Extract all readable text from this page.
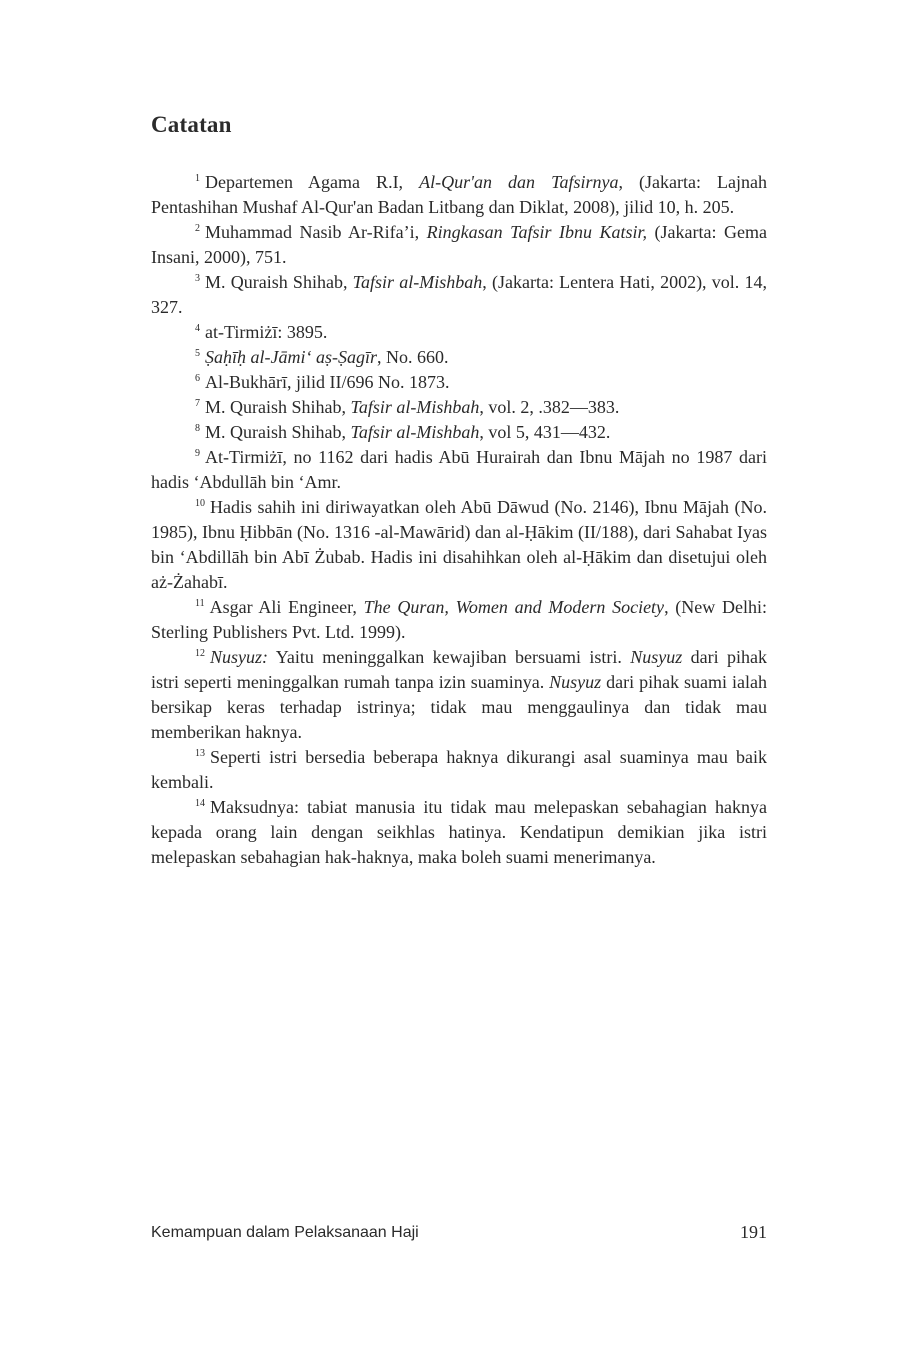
Catatan

$^1$ Departemen Agama R.I, Al-Qur'an dan Tafsirnya, (Jakarta: Lajnah Pentashihan Mushaf Al-Qur'an Badan Litbang dan Diklat, 2008), jilid 10, h. 205.

$^2$ Muhammad Nasib Ar-Rifa’i, Ringkasan Tafsir Ibnu Katsir, (Jakarta: Gema Insani, 2000), 751.

$^3$ M. Quraish Shihab, Tafsir al-Mishbah, (Jakarta: Lentera Hati, 2002), vol. 14, 327.

$^4$ at-Tirmiżī: 3895.

$^5$ Ṣaḥīḥ al-Jāmi‘ aṣ-Ṣagīr, No. 660.

$^6$ Al-Bukhārī, jilid II/696 No. 1873.

$^7$ M. Quraish Shihab, Tafsir al-Mishbah, vol. 2, .382—383.

$^8$ M. Quraish Shihab, Tafsir al-Mishbah, vol 5, 431—432.

$^9$ At-Tirmiżī, no 1162 dari hadis Abū Hurairah dan Ibnu Mājah no 1987 dari hadis ‘Abdullāh bin ‘Amr.

$^{10}$ Hadis sahih ini diriwayatkan oleh Abū Dāwud (No. 2146), Ibnu Mājah (No. 1985), Ibnu Ḥibbān (No. 1316 -al-Mawārid) dan al-Ḥākim (II/188), dari Sahabat Iyas bin ‘Abdillāh bin Abī Żubab. Hadis ini disahihkan oleh al-Ḥākim dan disetujui oleh aż-Żahabī.

$^{11}$ Asgar Ali Engineer, The Quran, Women and Modern Society, (New Delhi: Sterling Publishers Pvt. Ltd. 1999).

$^{12}$ Nusyuz: Yaitu meninggalkan kewajiban bersuami istri. Nusyuz dari pihak istri seperti meninggalkan rumah tanpa izin suaminya. Nusyuz dari pihak suami ialah bersikap keras terhadap istrinya; tidak mau menggaulinya dan tidak mau memberikan haknya.

$^{13}$ Seperti istri bersedia beberapa haknya dikurangi asal suaminya mau baik kembali.

$^{14}$ Maksudnya: tabiat manusia itu tidak mau melepaskan sebahagian haknya kepada orang lain dengan seikhlas hatinya. Kendatipun demikian jika istri melepaskan sebahagian hak-haknya, maka boleh suami menerimanya.

Kemampuan dalam Pelaksanaan Haji	191
